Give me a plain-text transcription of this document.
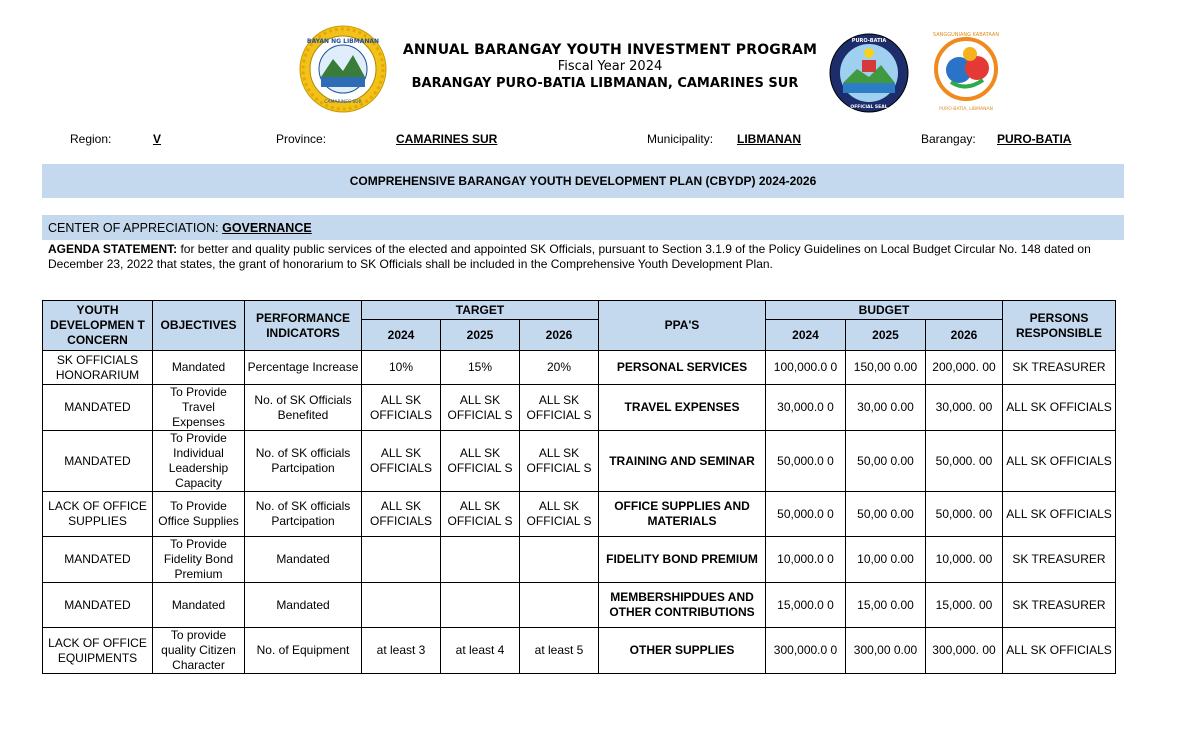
BAYAN NG LIBMANAN
CAMARINES SUR
PURO-BATIA
OFFICIAL SEAL
SANGGUNIANG KABATAAN
PURO-BATIA, LIBMANAN
ANNUAL BARANGAY YOUTH INVESTMENT PROGRAM
Fiscal Year 2024
BARANGAY PURO-BATIA LIBMANAN, CAMARINES SUR
Region:	V	Province:	CAMARINES SUR	Municipality: LIBMANAN	Barangay: PURO-BATIA
COMPREHENSIVE BARANGAY YOUTH DEVELOPMENT PLAN (CBYDP) 2024-2026
CENTER OF APPRECIATION:
GOVERNANCE
AGENDA STATEMENT: for better and quality public services of the elected and appointed SK Officials, pursuant to Section 3.1.9 of the Policy Guidelines on Local Budget Circular No. 148 dated on December 23, 2022 that states, the grant of honorarium to SK Officials shall be included in the Comprehensive Youth Development Plan.
YOUTH DEVELOPMEN T CONCERN	OBJECTIVES	PERFORMANCE INDICATORS	TARGET			PPA'S	BUDGET			PERSONS RESPONSIBLE
			2024	2025	2026		2024	2025	2026	
SK OFFICIALS HONORARIUM	Mandated	Percentage Increase	10%	15%	20%	PERSONAL SERVICES	100,000.0 0	150,00 0.00	200,000. 00	SK TREASURER
MANDATED	To Provide Travel Expenses	No. of SK Officials Benefited	ALL SK OFFICIALS	ALL SK OFFICIAL S	ALL SK OFFICIAL S	TRAVEL EXPENSES	30,000.0 0	30,00 0.00	30,000. 00	ALL SK OFFICIALS
MANDATED	To Provide Individual Leadership Capacity	No. of SK officials Partcipation	ALL SK OFFICIALS	ALL SK OFFICIAL S	ALL SK OFFICIAL S	TRAINING AND SEMINAR	50,000.0 0	50,00 0.00	50,000. 00	ALL SK OFFICIALS
LACK OF OFFICE SUPPLIES	To Provide Office Supplies	No. of SK officials Partcipation	ALL SK OFFICIALS	ALL SK OFFICIAL S	ALL SK OFFICIAL S	OFFICE SUPPLIES AND MATERIALS	50,000.0 0	50,00 0.00	50,000. 00	ALL SK OFFICIALS
MANDATED	To Provide Fidelity Bond Premium	Mandated				FIDELITY BOND PREMIUM	10,000.0 0	10,00 0.00	10,000. 00	SK TREASURER
MANDATED	Mandated	Mandated				MEMBERSHIPDUES AND OTHER CONTRIBUTIONS	15,000.0 0	15,00 0.00	15,000. 00	SK TREASURER
LACK OF OFFICE EQUIPMENTS	To provide quality Citizen Character	No. of Equipment	at least 3	at least 4	at least 5	OTHER SUPPLIES	300,000.0 0	300,00 0.00	300,000. 00	ALL SK OFFICIALS
